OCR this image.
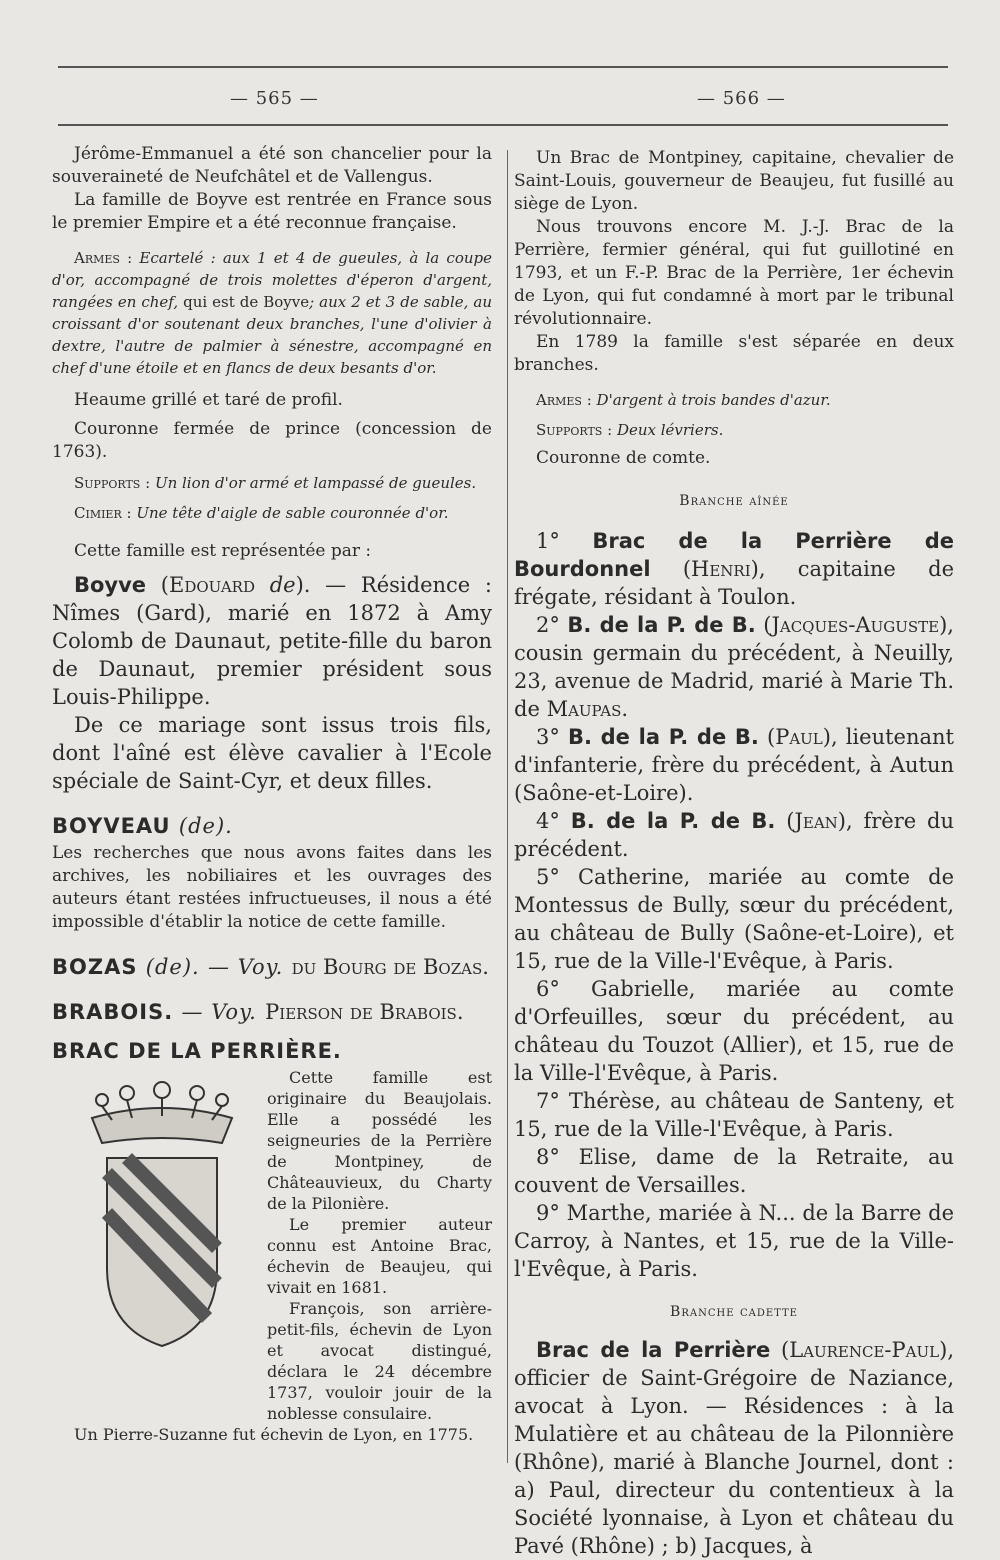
— 565 —	— 566 —

Jérôme-Emmanuel a été son chancelier pour la souveraineté de Neufchâtel et de Vallengus.

La famille de Boyve est rentrée en France sous le premier Empire et a été reconnue française.

Armes : Ecartelé : aux 1 et 4 de gueules, à la coupe d'or, accompagné de trois molettes d'éperon d'argent, rangées en chef, qui est de Boyve; aux 2 et 3 de sable, au croissant d'or soutenant deux branches, l'une d'olivier à dextre, l'autre de palmier à sénestre, accompagné en chef d'une étoile et en flancs de deux besants d'or.

Heaume grillé et taré de profil.

Couronne fermée de prince (concession de 1763).

Supports : Un lion d'or armé et lampassé de gueules.

Cimier : Une tête d'aigle de sable couronnée d'or.

Cette famille est représentée par :

Boyve (Edouard de). — Résidence : Nîmes (Gard), marié en 1872 à Amy Colomb de Daunaut, petite-fille du baron de Daunaut, premier président sous Louis-Philippe.

De ce mariage sont issus trois fils, dont l'aîné est élève cavalier à l'Ecole spéciale de Saint-Cyr, et deux filles.

BOYVEAU (de).

Les recherches que nous avons faites dans les archives, les nobiliaires et les ouvrages des auteurs étant restées infructueuses, il nous a été impossible d'établir la notice de cette famille.

BOZAS (de). — Voy. du Bourg de Bozas.

BRABOIS. — Voy. Pierson de Brabois.

BRAC DE LA PERRIÈRE.

Cette famille est originaire du Beaujolais. Elle a possédé les seigneuries de la Perrière de Montpiney, de Châteauvieux, du Charty de la Pilonière.

Le premier auteur connu est Antoine Brac, échevin de Beaujeu, qui vivait en 1681.

François, son arrière-petit-fils, échevin de Lyon et avocat distingué, déclara le 24 décembre 1737, vouloir jouir de la noblesse consulaire.

Un Pierre-Suzanne fut échevin de Lyon, en 1775.

Un Brac de Montpiney, capitaine, chevalier de Saint-Louis, gouverneur de Beaujeu, fut fusillé au siège de Lyon.

Nous trouvons encore M. J.-J. Brac de la Perrière, fermier général, qui fut guillotiné en 1793, et un F.-P. Brac de la Perrière, 1er échevin de Lyon, qui fut condamné à mort par le tribunal révolutionnaire.

En 1789 la famille s'est séparée en deux branches.

Armes : D'argent à trois bandes d'azur.

Supports : Deux lévriers.

Couronne de comte.

Branche aînée

1° Brac de la Perrière de Bourdonnel (Henri), capitaine de frégate, résidant à Toulon.

2° B. de la P. de B. (Jacques-Auguste), cousin germain du précédent, à Neuilly, 23, avenue de Madrid, marié à Marie Th. de Maupas.

3° B. de la P. de B. (Paul), lieutenant d'infanterie, frère du précédent, à Autun (Saône-et-Loire).

4° B. de la P. de B. (Jean), frère du précédent.

5° Catherine, mariée au comte de Montessus de Bully, sœur du précédent, au château de Bully (Saône-et-Loire), et 15, rue de la Ville-l'Evêque, à Paris.

6° Gabrielle, mariée au comte d'Orfeuilles, sœur du précédent, au château du Touzot (Allier), et 15, rue de la Ville-l'Evêque, à Paris.

7° Thérèse, au château de Santeny, et 15, rue de la Ville-l'Evêque, à Paris.

8° Elise, dame de la Retraite, au couvent de Versailles.

9° Marthe, mariée à N... de la Barre de Carroy, à Nantes, et 15, rue de la Ville-l'Evêque, à Paris.

Branche cadette

Brac de la Perrière (Laurence-Paul), officier de Saint-Grégoire de Naziance, avocat à Lyon. — Résidences : à la Mulatière et au château de la Pilonnière (Rhône), marié à Blanche Journel, dont : a) Paul, directeur du contentieux à la Société lyonnaise, à Lyon et château du Pavé (Rhône) ; b) Jacques, à
